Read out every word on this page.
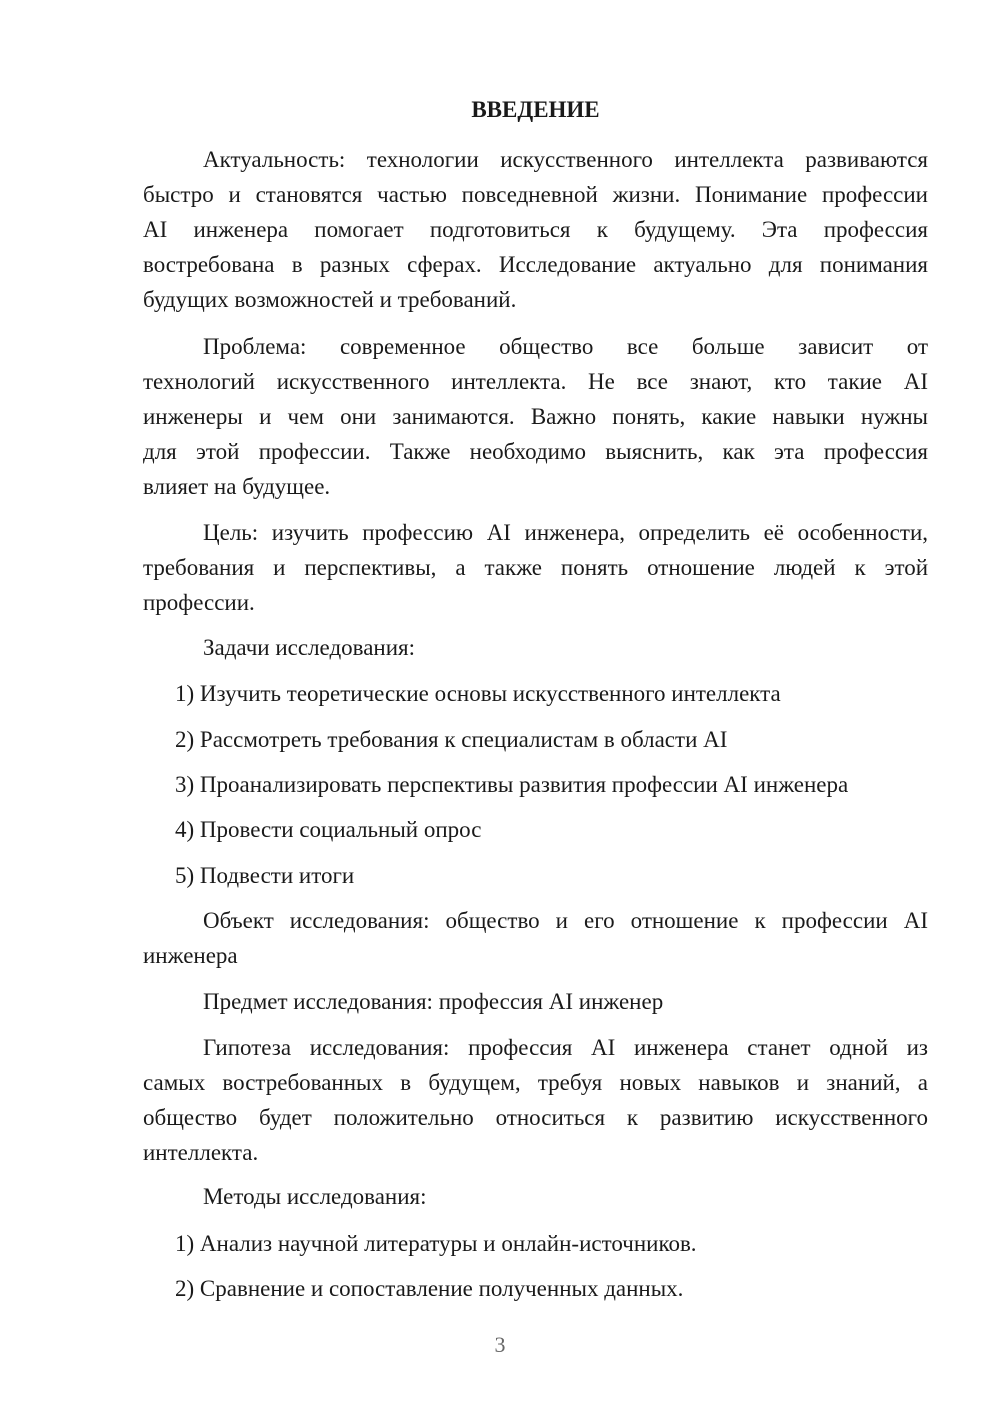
ВВЕДЕНИЕ
Актуальность: технологии искусственного интеллекта развиваются
быстро и становятся частью повседневной жизни. Понимание профессии
AI инженера помогает подготовиться к будущему. Эта профессия
востребована в разных сферах. Исследование актуально для понимания
будущих возможностей и требований.
Проблема: современное общество все больше зависит от
технологий искусственного интеллекта. Не все знают, кто такие AI
инженеры и чем они занимаются. Важно понять, какие навыки нужны
для этой профессии. Также необходимо выяснить, как эта профессия
влияет на будущее.
Цель: изучить профессию AI инженера, определить её особенности,
требования и перспективы, а также понять отношение людей к этой
профессии.
Задачи исследования:
1) Изучить теоретические основы искусственного интеллекта
2) Рассмотреть требования к специалистам в области AI
3) Проанализировать перспективы развития профессии AI инженера
4) Провести социальный опрос
5) Подвести итоги
Объект исследования: общество и его отношение к профессии AI
инженера
Предмет исследования: профессия AI инженер
Гипотеза исследования: профессия AI инженера станет одной из
самых востребованных в будущем, требуя новых навыков и знаний, а
общество будет положительно относиться к развитию искусственного
интеллекта.
Методы исследования:
1) Анализ научной литературы и онлайн-источников.
2) Сравнение и сопоставление полученных данных.
3
